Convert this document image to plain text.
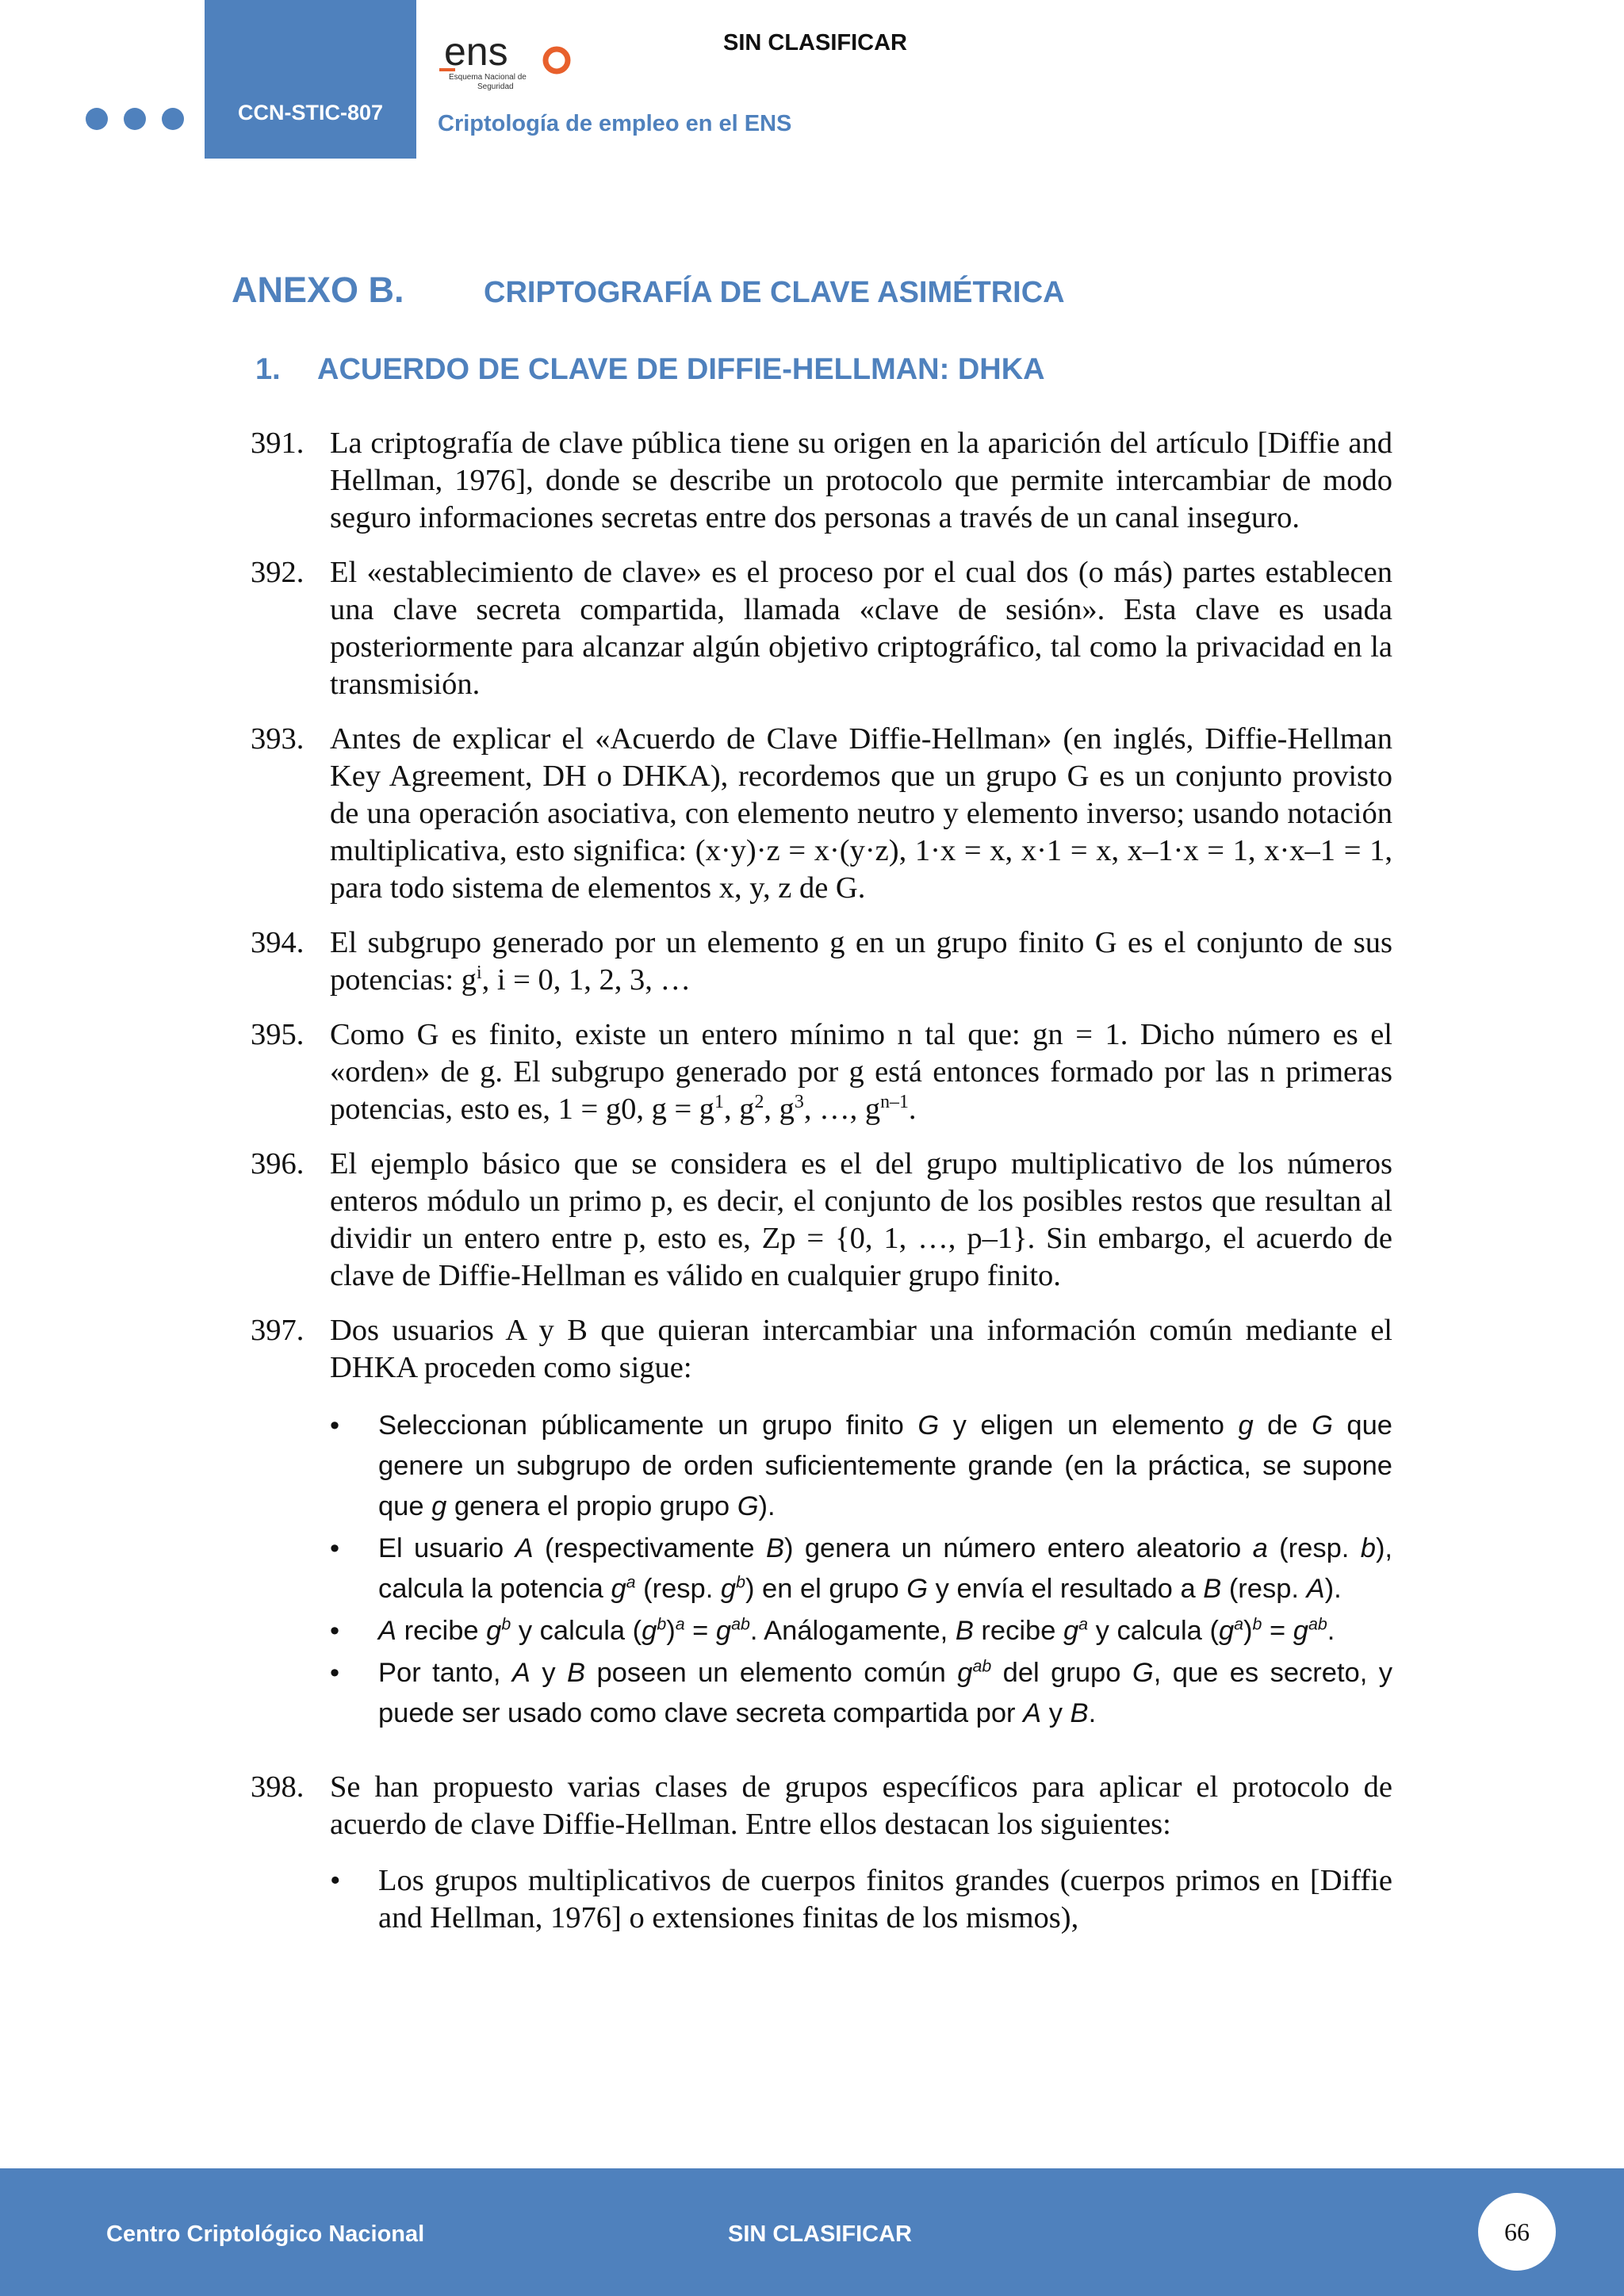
CCN-STIC-807
ens
Esquema Nacional de
Seguridad
SIN CLASIFICAR
Criptología de empleo en el ENS
ANEXO B.	CRIPTOGRAFÍA DE CLAVE ASIMÉTRICA
1. ACUERDO DE CLAVE DE DIFFIE-HELLMAN: DHKA
391. La criptografía de clave pública tiene su origen en la aparición del artículo [Diffie and Hellman, 1976], donde se describe un protocolo que permite intercambiar de modo seguro informaciones secretas entre dos personas a través de un canal inseguro.
392. El «establecimiento de clave» es el proceso por el cual dos (o más) partes establecen una clave secreta compartida, llamada «clave de sesión». Esta clave es usada posteriormente para alcanzar algún objetivo criptográfico, tal como la privacidad en la transmisión.
393. Antes de explicar el «Acuerdo de Clave Diffie-Hellman» (en inglés, Diffie-Hellman Key Agreement, DH o DHKA), recordemos que un grupo G es un conjunto provisto de una operación asociativa, con elemento neutro y elemento inverso; usando notación multiplicativa, esto significa: (x·y)·z = x·(y·z), 1·x = x, x·1 = x, x–1·x = 1, x·x–1 = 1, para todo sistema de elementos x, y, z de G.
394. El subgrupo generado por un elemento g en un grupo finito G es el conjunto de sus potencias: $g^i$, i = 0, 1, 2, 3, …
395. Como G es finito, existe un entero mínimo n tal que: gn = 1. Dicho número es el «orden» de g. El subgrupo generado por g está entonces formado por las n primeras potencias, esto es, 1 = g0, $g = g^1$, $g^2$, $g^3$, …, $g^{n-1}$.
396. El ejemplo básico que se considera es el del grupo multiplicativo de los números enteros módulo un primo p, es decir, el conjunto de los posibles restos que resultan al dividir un entero entre p, esto es, Zp = {0, 1, …, p–1}. Sin embargo, el acuerdo de clave de Diffie-Hellman es válido en cualquier grupo finito.
397. Dos usuarios A y B que quieran intercambiar una información común mediante el DHKA proceden como sigue:
• Seleccionan públicamente un grupo finito G y eligen un elemento g de G que genere un subgrupo de orden suficientemente grande (en la práctica, se supone que g genera el propio grupo G).
• El usuario A (respectivamente B) genera un número entero aleatorio a (resp. b), calcula la potencia $g^a$ (resp. $g^b$) en el grupo G y envía el resultado a B (resp. A).
• A recibe $g^b$ y calcula $(g^b)^a = g^{ab}$. Análogamente, B recibe $g^a$ y calcula $(g^a)^b = g^{ab}$.
• Por tanto, A y B poseen un elemento común $g^{ab}$ del grupo G, que es secreto, y puede ser usado como clave secreta compartida por A y B.
398. Se han propuesto varias clases de grupos específicos para aplicar el protocolo de acuerdo de clave Diffie-Hellman. Entre ellos destacan los siguientes:
• Los grupos multiplicativos de cuerpos finitos grandes (cuerpos primos en [Diffie and Hellman, 1976] o extensiones finitas de los mismos),
Centro Criptológico Nacional	SIN CLASIFICAR	66
